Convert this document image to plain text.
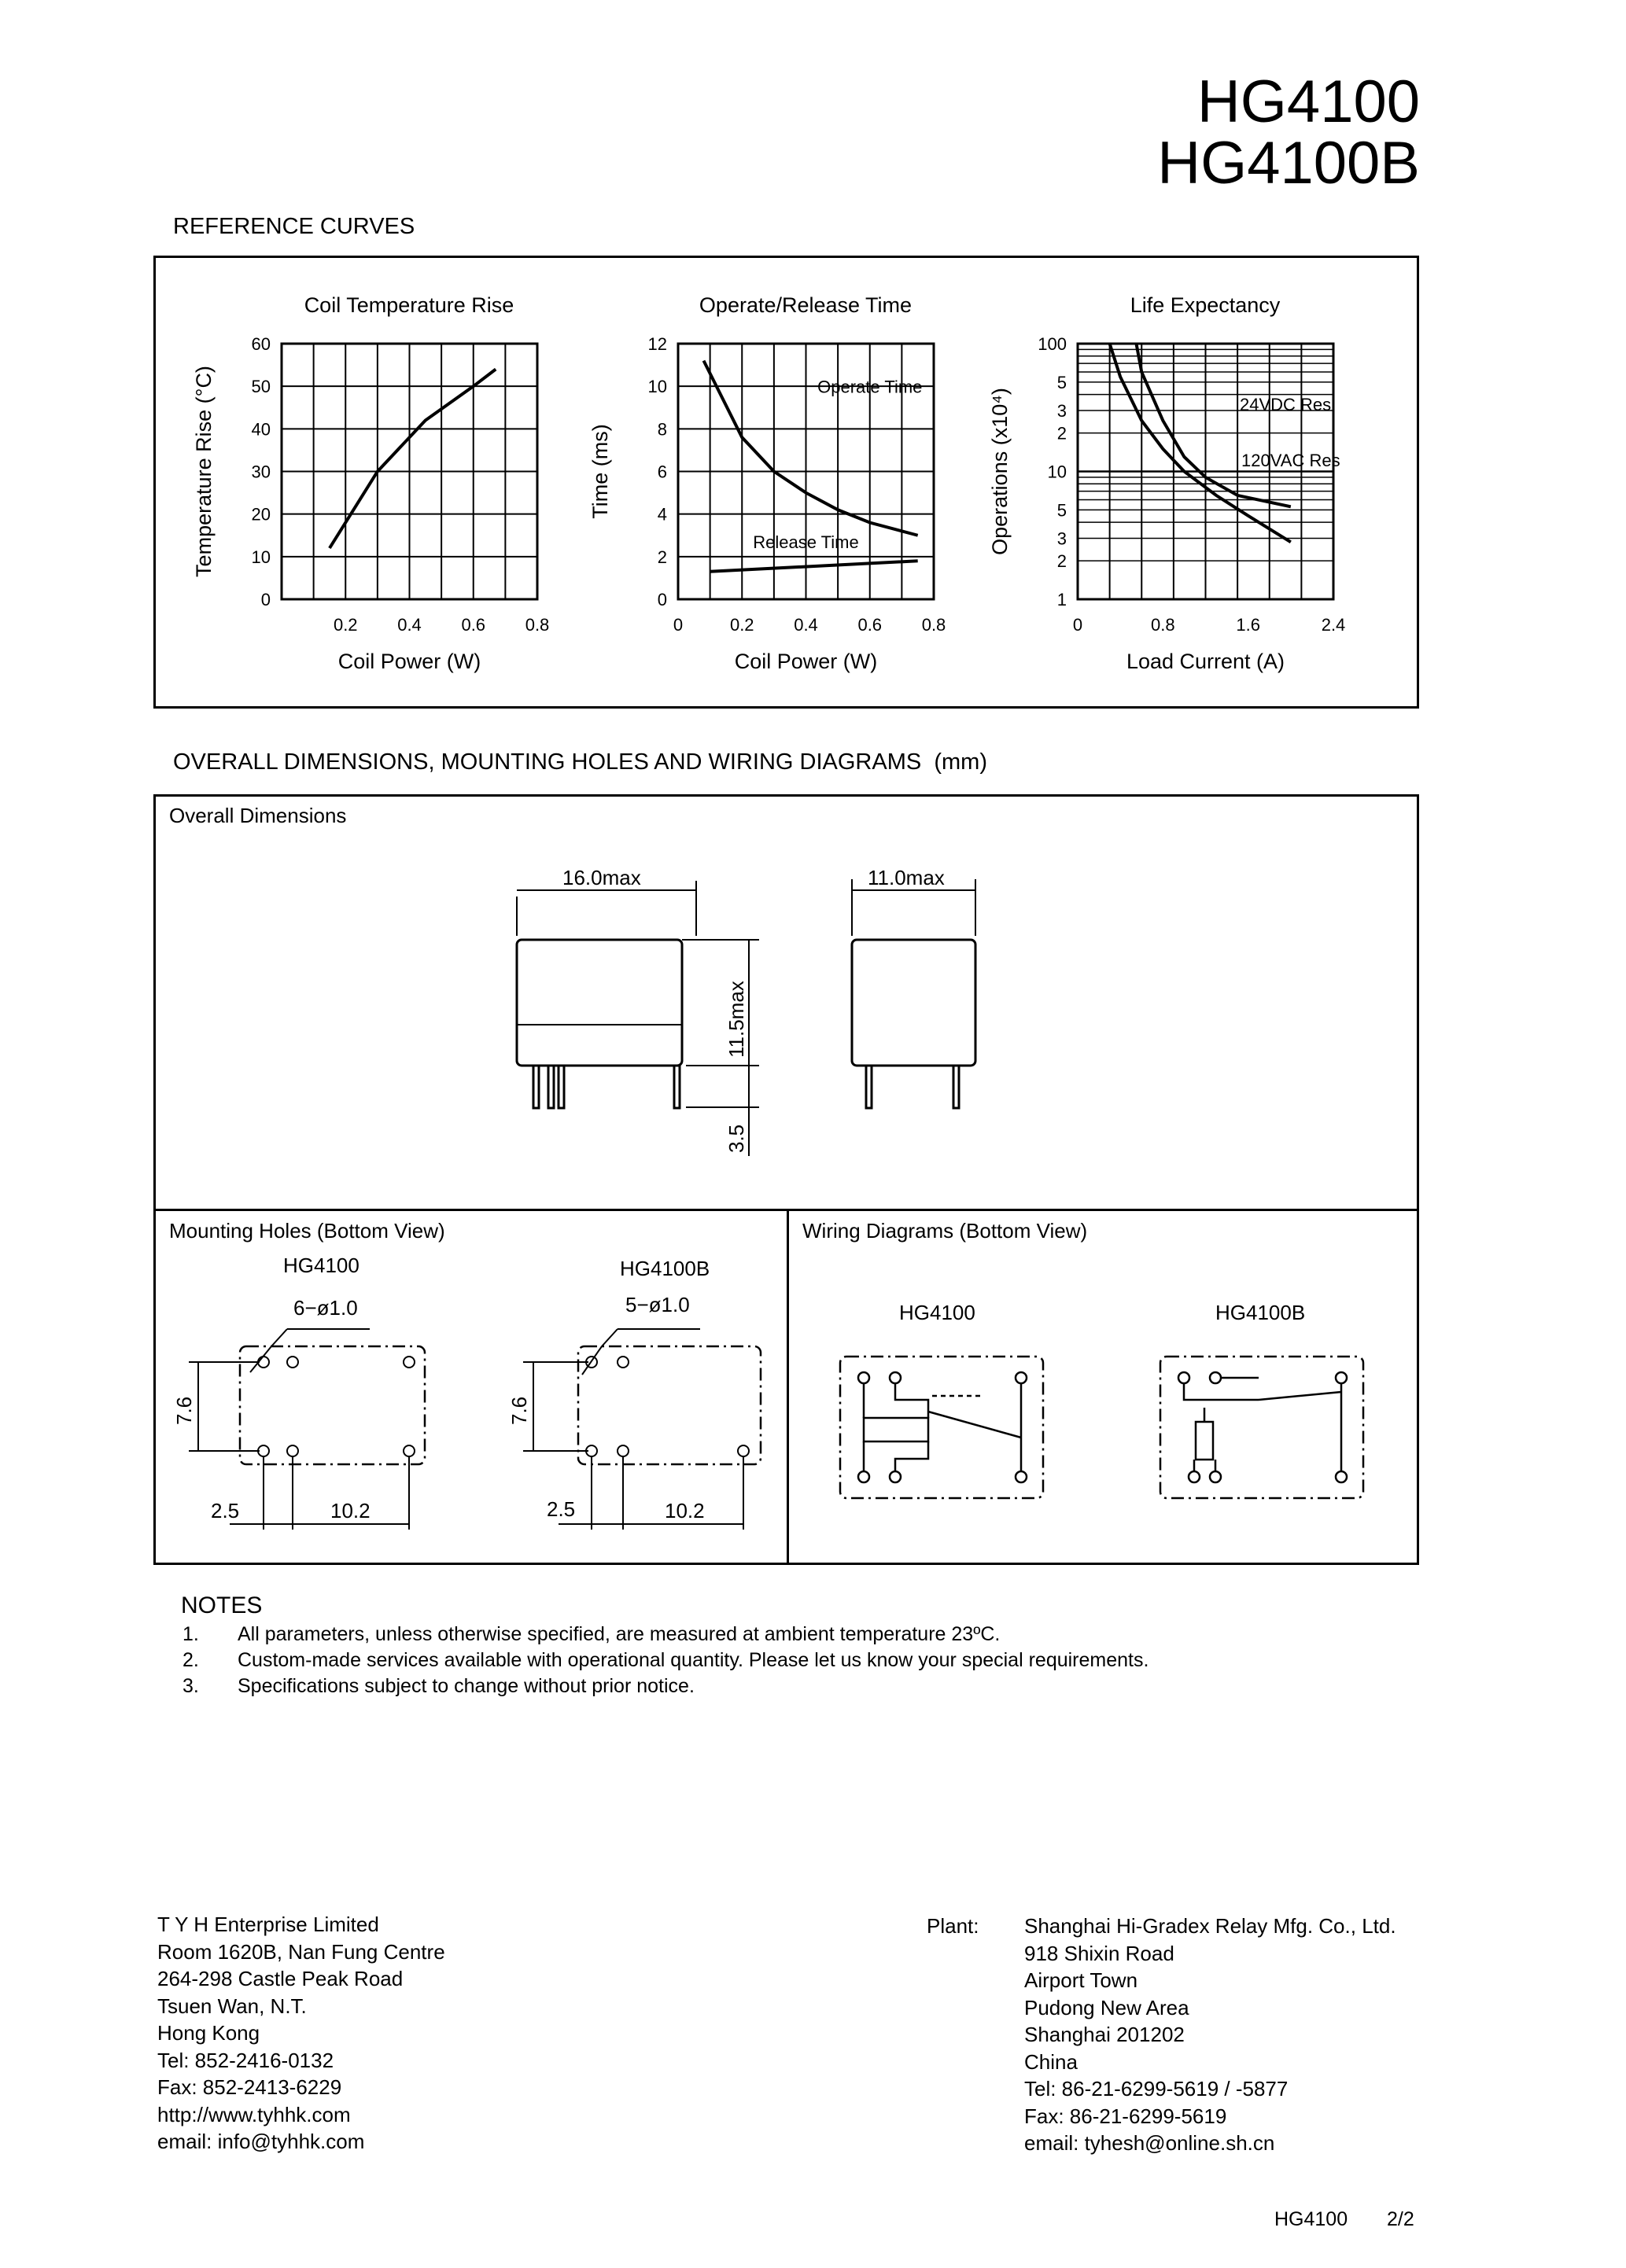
HG4100
HG4100B
REFERENCE CURVES
Coil Temperature Rise
0
10
20
30
40
50
60
0.2 0.4 0.6 0.8
Coil Power (W)
Temperature Rise (°C)
Operate/Release Time
0
2
4
6
8
10
12
0	0.2 0.4 0.6 0.8
Coil Power (W)
Time (ms)
Operate Time
Release Time
Life Expectancy
1
2
3
5
10
2
3
5
100
0	0.8	1.6	2.4
Load Current (A)
Operations (x10⁴)	24VDC Res
120VAC Res
OVERALL DIMENSIONS, MOUNTING HOLES AND WIRING DIAGRAMS (mm)
Overall Dimensions
Mounting Holes (Bottom View)	Wiring Diagrams (Bottom View)
16.0max	11.0max
11.5max
3.5
HG4100	HG4100B
6−ø1.0	5−ø1.0
7.6	7.6
2.5	10.2	2.5	10.2
HG4100	HG4100B
NOTES
1. All parameters, unless otherwise specified, are measured at ambient temperature 23ºC.
2. Custom-made services available with operational quantity. Please let us know your special requirements.
3. Specifications subject to change without prior notice.
T Y H Enterprise Limited
Room 1620B, Nan Fung Centre
264-298 Castle Peak Road
Tsuen Wan, N.T.
Hong Kong
Tel: 852-2416-0132
Fax: 852-2413-6229
http://www.tyhhk.com
email: info@tyhhk.com
Plant: Shanghai Hi-Gradex Relay Mfg. Co., Ltd.
918 Shixin Road
Airport Town
Pudong New Area
Shanghai 201202
China
Tel: 86-21-6299-5619 / -5877
Fax: 86-21-6299-5619
email: tyhesh@online.sh.cn
HG4100 2/2
